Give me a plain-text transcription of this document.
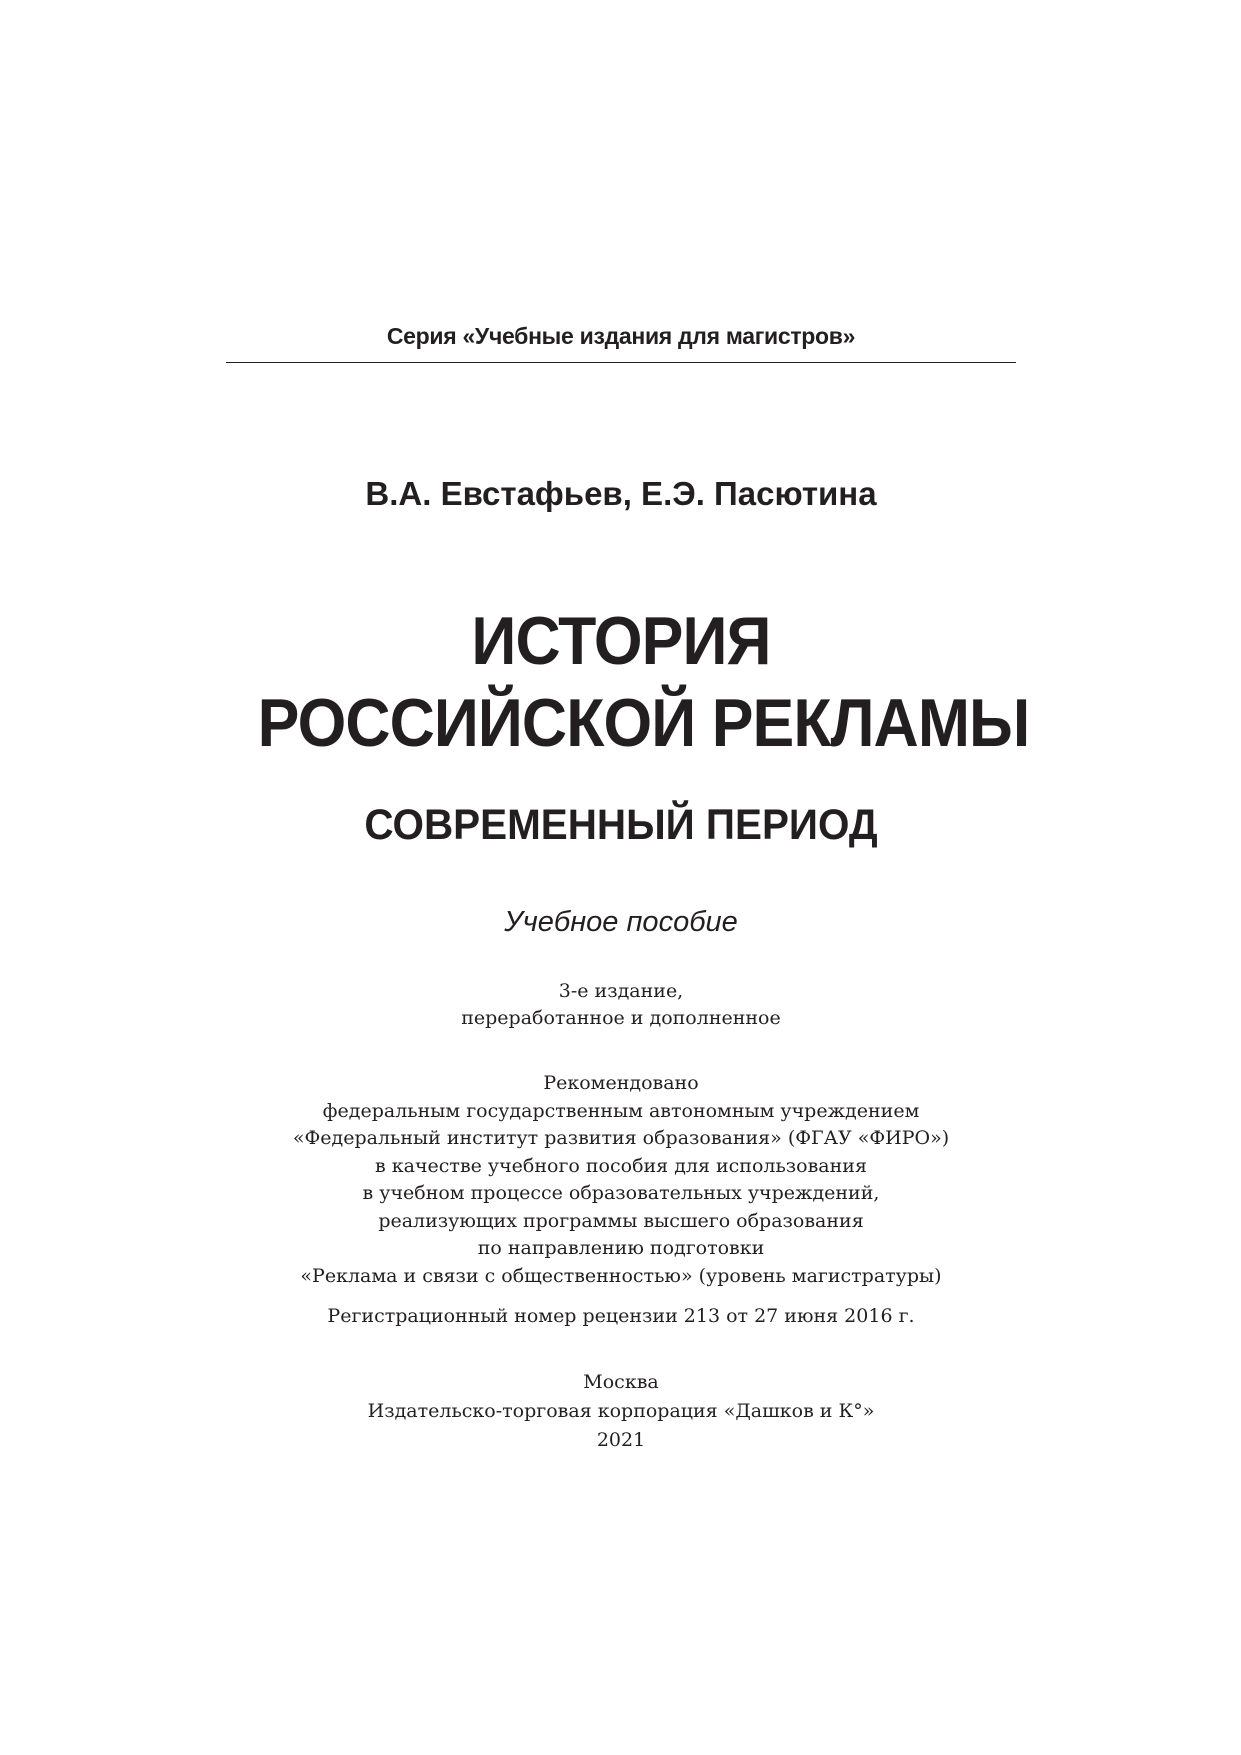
Серия «Учебные издания для магистров»
В.А. Евстафьев, Е.Э. Пасютина
ИСТОРИЯ
РОССИЙСКОЙ РЕКЛАМЫ
СОВРЕМЕННЫЙ ПЕРИОД
Учебное пособие
3-е издание,
переработанное и дополненное
Рекомендовано
федеральным государственным автономным учреждением
«Федеральный институт развития образования» (ФГАУ «ФИРО»)
в качестве учебного пособия для использования
в учебном процессе образовательных учреждений,
реализующих программы высшего образования
по направлению подготовки
«Реклама и связи с общественностью» (уровень магистратуры)
Регистрационный номер рецензии 213 от 27 июня 2016 г.
Москва
Издательско-торговая корпорация «Дашков и К°»
2021
